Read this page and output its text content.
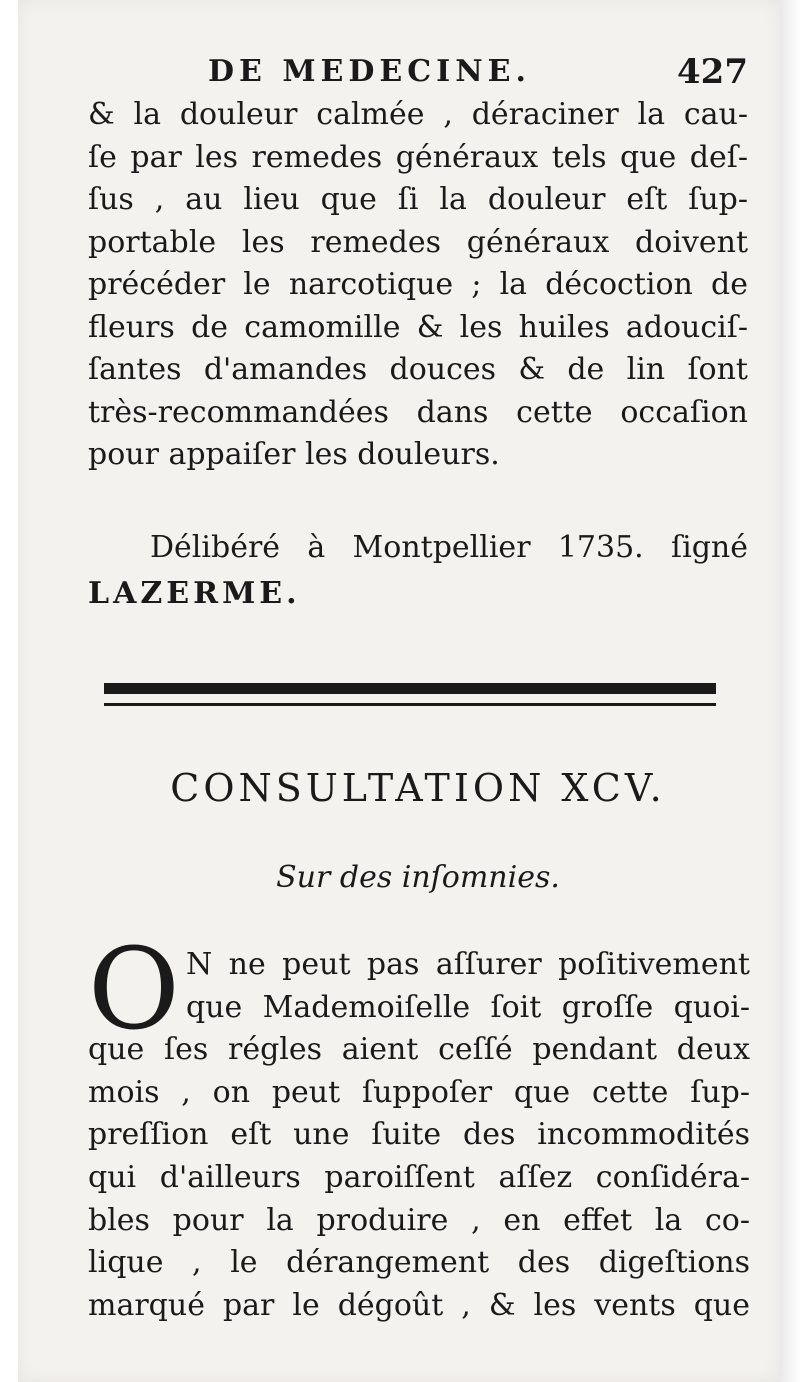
DE MEDECINE.	427
& la douleur calmée , déraciner la cau-
ſe par les remedes généraux tels que deſ-
ſus , au lieu que ſi la douleur eſt ſup-
portable les remedes généraux doivent
précéder le narcotique ; la décoction de
fleurs de camomille & les huiles adouciſ-
ſantes d'amandes douces & de lin ſont
très-recommandées dans cette occaſion
pour appaiſer les douleurs.
Délibéré à Montpellier 1735. ſigné
LAZERME.
CONSULTATION XCV.
Sur des inſomnies.
O N ne peut pas aſſurer poſitivement
que Mademoiſelle ſoit groſſe quoi-
que ſes régles aient ceſſé pendant deux
mois , on peut ſuppoſer que cette ſup-
preſſion eſt une ſuite des incommodités
qui d'ailleurs paroiſſent aſſez conſidéra-
bles pour la produire , en effet la co-
lique , le dérangement des digeſtions
marqué par le dégoût , & les vents que
